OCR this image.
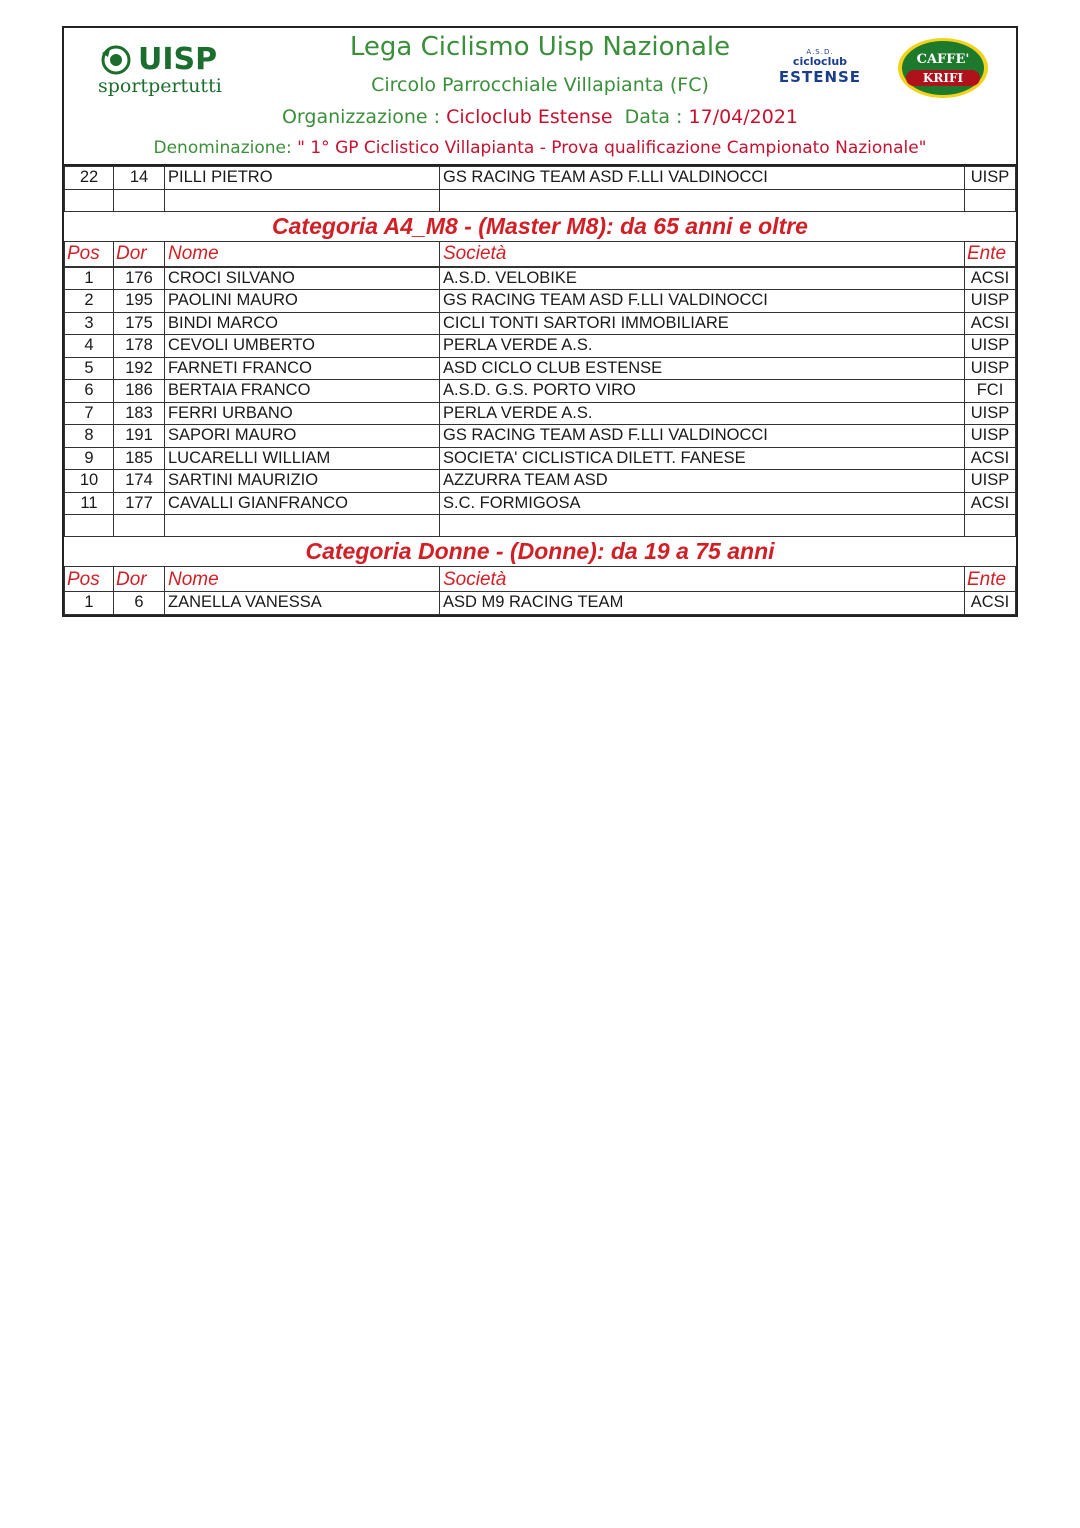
UISP
sportpertutti
Lega Ciclismo Uisp Nazionale
Circolo Parrocchiale Villapianta (FC)
Organizzazione : Cicloclub Estense Data : 17/04/2021
Denominazione: " 1° GP Ciclistico Villapianta - Prova qualificazione Campionato Nazionale"
A.S.D.
cicloclub
ESTENSE
CAFFE'
KRIFI
22	14	PILLI PIETRO	GS RACING TEAM ASD F.LLI VALDINOCCI	UISP

Categoria A4_M8 - (Master M8): da 65 anni e oltre				
Pos	Dor	Nome	Società	Ente
1	176	CROCI SILVANO	A.S.D. VELOBIKE	ACSI
2	195	PAOLINI MAURO	GS RACING TEAM ASD F.LLI VALDINOCCI	UISP
3	175	BINDI MARCO	CICLI TONTI SARTORI IMMOBILIARE	ACSI
4	178	CEVOLI UMBERTO	PERLA VERDE A.S.	UISP
5	192	FARNETI FRANCO	ASD CICLO CLUB ESTENSE	UISP
6	186	BERTAIA FRANCO	A.S.D. G.S. PORTO VIRO	FCI
7	183	FERRI URBANO	PERLA VERDE A.S.	UISP
8	191	SAPORI MAURO	GS RACING TEAM ASD F.LLI VALDINOCCI	UISP
9	185	LUCARELLI WILLIAM	SOCIETA' CICLISTICA DILETT. FANESE	ACSI
10	174	SARTINI MAURIZIO	AZZURRA TEAM ASD	UISP
11	177	CAVALLI GIANFRANCO	S.C. FORMIGOSA	ACSI

Categoria Donne - (Donne): da 19 a 75 anni				
Pos	Dor	Nome	Società	Ente
1	6	ZANELLA VANESSA	ASD M9 RACING TEAM	ACSI
